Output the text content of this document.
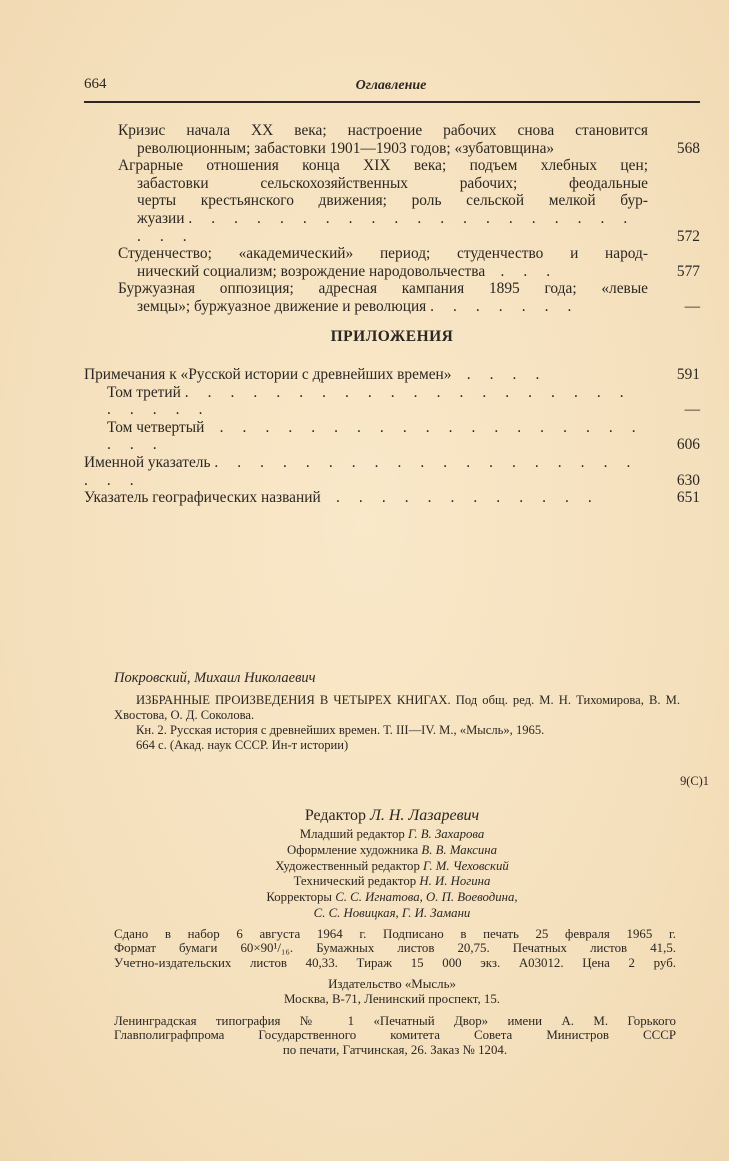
664	Оглавление
Кризис начала XX века; настроение рабочих снова становится
революционным; забастовки 1901—1903 годов; «зубатовщина»	568
Аграрные отношения конца XIX века; подъем хлебных цен;
забастовки сельскохозяйственных рабочих; феодальные
черты крестьянского движения; роль сельской мелкой бур-
жуазии . . . . . . . . . . . . . . . . . . . . . . .	572
Студенчество; «академический» период; студенчество и народ-
нический социализм; возрождение народовольчества  . . .	577
Буржуазная оппозиция; адресная кампания 1895 года; «левые
земцы»; буржуазное движение и революция . . . . . . .	—
ПРИЛОЖЕНИЯ
Примечания к «Русской истории с древнейших времен»  . . . .	591
Том третий . . . . . . . . . . . . . . . . . . . . . . . . .	—
Том четвертый  . . . . . . . . . . . . . . . . . . . . . .	606
Именной указатель . . . . . . . . . . . . . . . . . . . . . .	630
Указатель географических названий  . . . . . . . . . . . .	651
Покровский, Михаил Николаевич

ИЗБРАННЫЕ ПРОИЗВЕДЕНИЯ В ЧЕТЫРЕХ КНИГАХ. Под общ. ред. М. Н. Тихомирова, В. М. Хвостова, О. Д. Соколова.

Кн. 2. Русская история с древнейших времен. Т. III—IV. М., «Мысль», 1965.

664 с. (Акад. наук СССР. Ин-т истории)

9(С)1
Редактор Л. Н. Лазаревич
Младший редактор Г. В. Захарова
Оформление художника В. В. Максина
Художественный редактор Г. М. Чеховский
Технический редактор Н. И. Ногина
Корректоры С. С. Игнатова, О. П. Воеводина,
С. С. Новицкая, Г. И. Замани
Сдано в набор 6 августа 1964 г. Подписано в печать 25 февраля 1965 г.
Формат бумаги 60×90¹/₁₆. Бумажных листов 20,75. Печатных листов 41,5.
Учетно-издательских листов 40,33. Тираж 15 000 экз. А03012. Цена 2 руб.
Издательство «Мысль»
Москва, В-71, Ленинский проспект, 15.
Ленинградская типография № 1 «Печатный Двор» имени А. М. Горького
Главполиграфпрома Государственного комитета Совета Министров СССР
по печати, Гатчинская, 26. Заказ № 1204.
